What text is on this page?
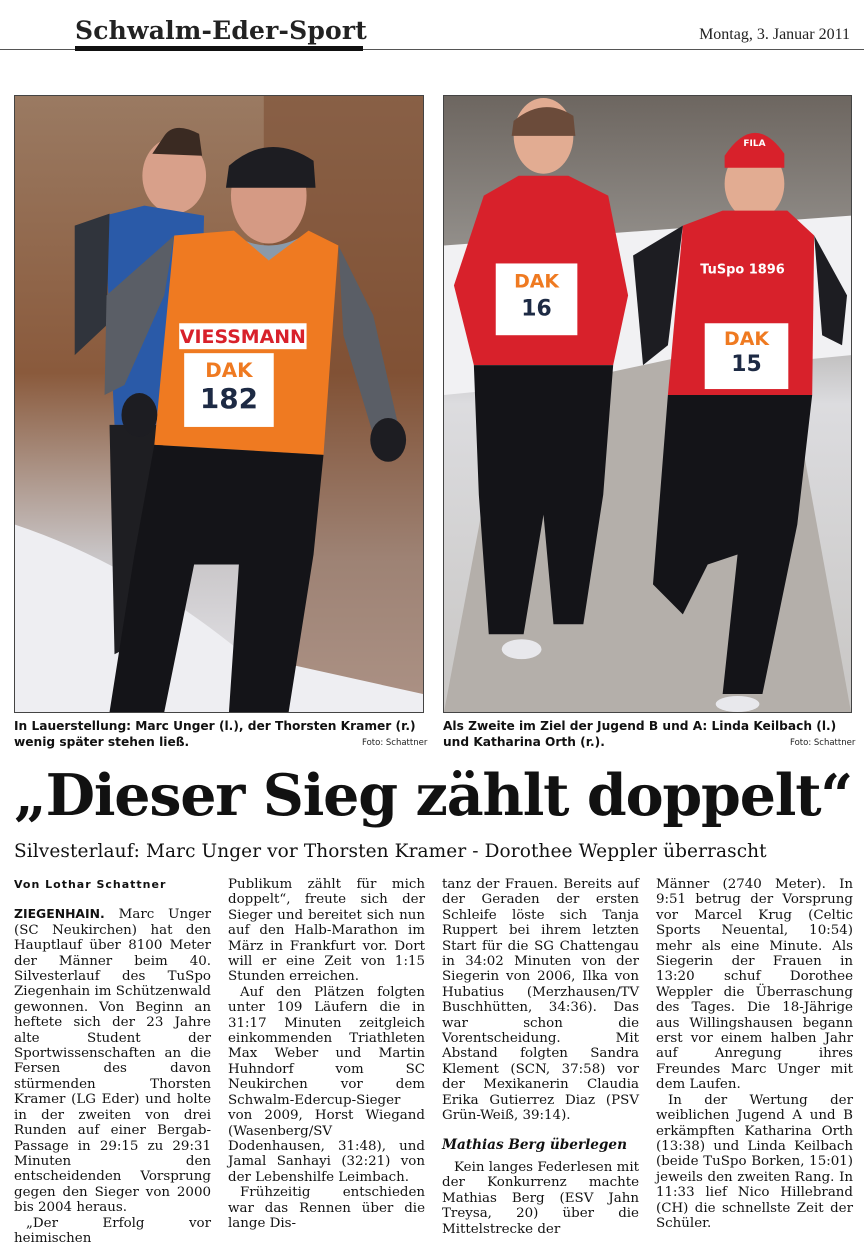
Schwalm-Eder-Sport	Montag, 3. Januar 2011
VIESSMANN
DAK
182
DAK
16
FILA
TuSpo 1896
DAK
15
In Lauerstellung: Marc Unger (l.), der Thorsten Kramer (r.) wenig später stehen ließ.	Foto: Schattner
Als Zweite im Ziel der Jugend B und A: Linda Keilbach (l.) und Katharina Orth (r.).	Foto: Schattner
„Dieser Sieg zählt doppelt“
Silvesterlauf: Marc Unger vor Thorsten Kramer - Dorothee Weppler überrascht
Von Lothar Schattner

ZIEGENHAIN. Marc Unger (SC Neukirchen) hat den Hauptlauf über 8100 Meter der Männer beim 40. Silvesterlauf des TuSpo Ziegenhain im Schützenwald gewonnen. Von Beginn an heftete sich der 23 Jahre alte Student der Sportwissenschaften an die Fersen des davon stürmenden Thorsten Kramer (LG Eder) und holte in der zweiten von drei Runden auf einer Bergab-Passage in 29:15 zu 29:31 Minuten den entscheidenden Vorsprung gegen den Sieger von 2000 bis 2004 heraus.

„Der Erfolg vor heimischen

Publikum zählt für mich doppelt“, freute sich der Sieger und bereitet sich nun auf den Halb-Marathon im März in Frankfurt vor. Dort will er eine Zeit von 1:15 Stunden erreichen.

Auf den Plätzen folgten unter 109 Läufern die in 31:17 Minuten zeitgleich einkommenden Triathleten Max Weber und Martin Huhndorf vom SC Neukirchen vor dem Schwalm-Edercup-Sieger von 2009, Horst Wiegand (Wasenberg/SV Dodenhausen, 31:48), und Jamal Sanhayi (32:21) von der Lebenshilfe Leimbach.

Frühzeitig entschieden war das Rennen über die lange Dis-

tanz der Frauen. Bereits auf der Geraden der ersten Schleife löste sich Tanja Ruppert bei ihrem letzten Start für die SG Chattengau in 34:02 Minuten von der Siegerin von 2006, Ilka von Hubatius (Merzhausen/TV Buschhütten, 34:36). Das war schon die Vorentscheidung. Mit Abstand folgten Sandra Klement (SCN, 37:58) vor der Mexikanerin Claudia Erika Gutierrez Diaz (PSV Grün-Weiß, 39:14).

Mathias Berg überlegen

Kein langes Federlesen mit der Konkurrenz machte Mathias Berg (ESV Jahn Treysa, 20) über die Mittelstrecke der

Männer (2740 Meter). In 9:51 betrug der Vorsprung vor Marcel Krug (Celtic Sports Neuental, 10:54) mehr als eine Minute. Als Siegerin der Frauen in 13:20 schuf Dorothee Weppler die Überraschung des Tages. Die 18-Jährige aus Willingshausen begann erst vor einem halben Jahr auf Anregung ihres Freundes Marc Unger mit dem Laufen.

In der Wertung der weiblichen Jugend A und B erkämpften Katharina Orth (13:38) und Linda Keilbach (beide TuSpo Borken, 15:01) jeweils den zweiten Rang. In 11:33 lief Nico Hillebrand (CH) die schnellste Zeit der Schüler.
